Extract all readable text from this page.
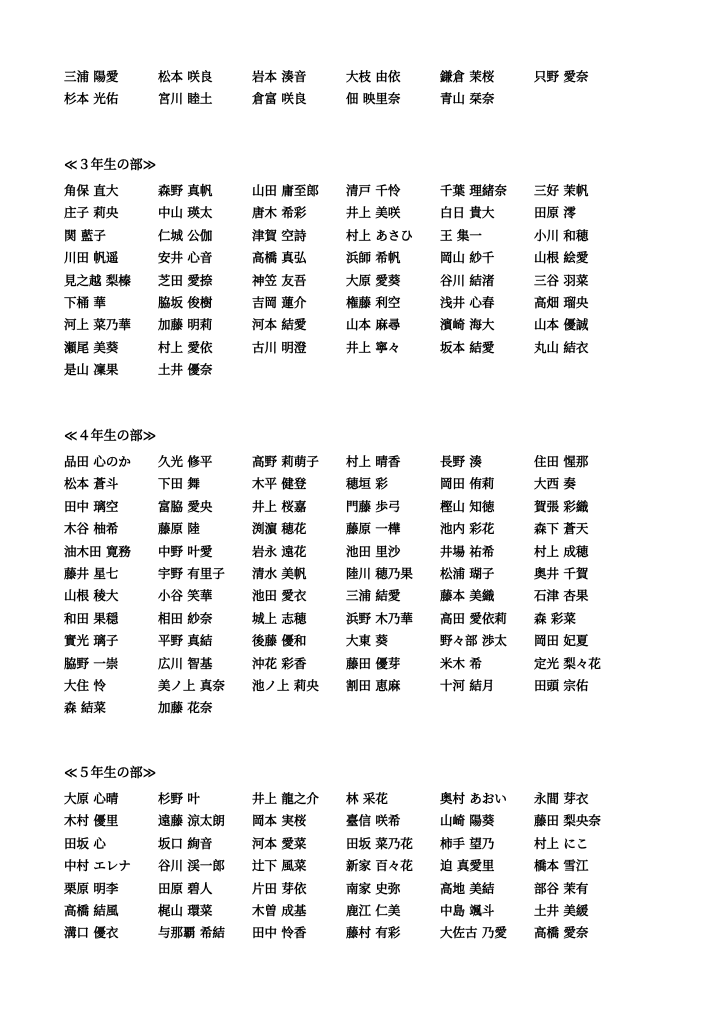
三浦 陽愛	松本 咲良	岩本 湊音	大枝 由依	鎌倉 茉桜	只野 愛奈
杉本 光佑	宮川 睦土	倉富 咲良	佃 映里奈	青山 栞奈
≪３年生の部≫
角保 直大	森野 真帆	山田 庸至郎	清戸 千怜	千葉 理緒奈	三好 茉帆
庄子 莉央	中山 瑛太	唐木 希彩	井上 美咲	白日 貴大	田原 澪
関 藍子	仁城 公伽	津賀 空詩	村上 あさひ	王 集一	小川 和穂
川田 帆遥	安井 心音	高橋 真弘	浜師 希帆	岡山 紗千	山根 絵愛
見之越 梨榛	芝田 愛捺	神笠 友吾	大原 愛葵	谷川 結渚	三谷 羽菜
下桶 華	脇坂 俊樹	吉岡 蓮介	権藤 利空	浅井 心春	高畑 瑠央
河上 菜乃華	加藤 明莉	河本 結愛	山本 麻尋	濱崎 海大	山本 優誠
瀬尾 美葵	村上 愛依	古川 明澄	井上 寧々	坂本 結愛	丸山 結衣
是山 凜果	土井 優奈
≪４年生の部≫
品田 心のか	久光 修平	高野 莉萌子	村上 晴香	長野 湊	住田 惺那
松本 蒼斗	下田 舞	木平 健登	穂垣 彩	岡田 侑莉	大西 奏
田中 璃空	富脇 愛央	井上 桜嘉	門藤 歩弓	樫山 知徳	賀張 彩織
木谷 柚希	藤原 陸	渕濵 穂花	藤原 一樺	池内 彩花	森下 蒼天
油木田 寛務	中野 叶愛	岩永 遠花	池田 里沙	井場 祐希	村上 成穂
藤井 星七	宇野 有里子	清水 美帆	陸川 穂乃果	松浦 瑚子	奥井 千賀
山根 稜大	小谷 笑華	池田 愛衣	三浦 結愛	藤本 美織	石津 杏果
和田 果穏	相田 紗奈	城上 志穂	浜野 木乃華	高田 愛依莉	森 彩菜
實光 璃子	平野 真結	後藤 優和	大東 葵	野々部 渉太	岡田 妃夏
脇野 一崇	広川 智基	沖花 彩香	藤田 優芽	米木 希	定光 梨々花
大住 怜	美ノ上 真奈	池ノ上 莉央	割田 恵麻	十河 結月	田頭 宗佑
森 結菜	加藤 花奈
≪５年生の部≫
大原 心晴	杉野 叶	井上 龍之介	林 采花	奥村 あおい	永間 芽衣
木村 優里	遠藤 涼太朗	岡本 実桜	臺信 咲希	山崎 陽葵	藤田 梨央奈
田坂 心	坂口 絢音	河本 愛菜	田坂 菜乃花	柿手 望乃	村上 にこ
中村 エレナ	谷川 渓一郎	辻下 風菜	新家 百々花	迫 真愛里	橋本 雪江
栗原 明李	田原 碧人	片田 芽依	南家 史弥	高地 美結	部谷 茉有
高橋 結風	梶山 環菜	木曽 成基	鹿江 仁美	中島 颯斗	土井 美緩
溝口 優衣	与那覇 希結	田中 怜香	藤村 有彩	大佐古 乃愛	高橋 愛奈
